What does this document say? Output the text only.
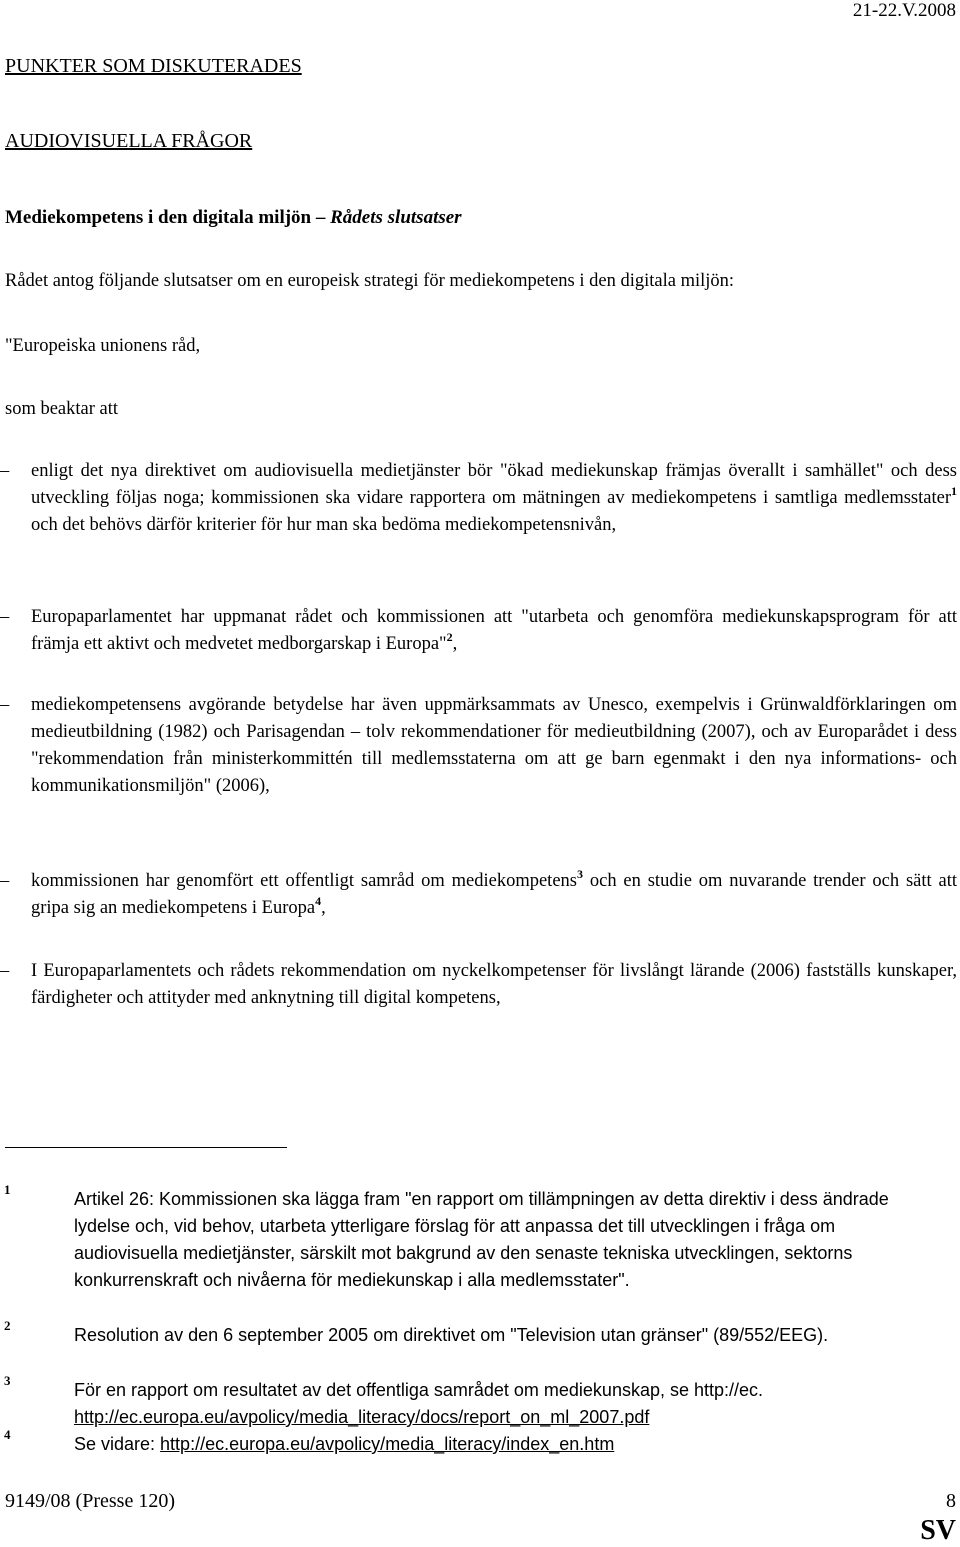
21-22.V.2008
PUNKTER SOM DISKUTERADES
AUDIOVISUELLA FRÅGOR
Mediekompetens i den digitala miljön – Rådets slutsatser
Rådet antog följande slutsatser om en europeisk strategi för mediekompetens i den digitala miljön:
"Europeiska unionens råd,
som beaktar att
–	enligt det nya direktivet om audiovisuella medietjänster bör "ökad mediekunskap främjas överallt i samhället" och dess utveckling följas noga; kommissionen ska vidare rapportera om mätningen av mediekompetens i samtliga medlemsstater$^1$ och det behövs därför kriterier för hur man ska bedöma mediekompetensnivån,
–	Europaparlamentet har uppmanat rådet och kommissionen att "utarbeta och genomföra mediekunskapsprogram för att främja ett aktivt och medvetet medborgarskap i Europa"$^2$,
–	mediekompetensens avgörande betydelse har även uppmärksammats av Unesco, exempelvis i Grünwaldförklaringen om medieutbildning (1982) och Parisagendan – tolv rekommendationer för medieutbildning (2007), och av Europarådet i dess "rekommendation från ministerkommittén till medlemsstaterna om att ge barn egenmakt i den nya informations- och kommunikationsmiljön" (2006),
–	kommissionen har genomfört ett offentligt samråd om mediekompetens$^3$ och en studie om nuvarande trender och sätt att gripa sig an mediekompetens i Europa$^4$,
–	I Europaparlamentets och rådets rekommendation om nyckelkompetenser för livslångt lärande (2006) fastställs kunskaper, färdigheter och attityder med anknytning till digital kompetens,
1	Artikel 26: Kommissionen ska lägga fram "en rapport om tillämpningen av detta direktiv i dess ändrade lydelse och, vid behov, utarbeta ytterligare förslag för att anpassa det till utvecklingen i fråga om audiovisuella medietjänster, särskilt mot bakgrund av den senaste tekniska utvecklingen, sektorns konkurrenskraft och nivåerna för mediekunskap i alla medlemsstater".
2	Resolution av den 6 september 2005 om direktivet om "Television utan gränser" (89/552/EEG).
3	För en rapport om resultatet av det offentliga samrådet om mediekunskap, se http://ec.
http://ec.europa.eu/avpolicy/media_literacy/docs/report_on_ml_2007.pdf
4	Se vidare: http://ec.europa.eu/avpolicy/media_literacy/index_en.htm
9149/08 (Presse 120)	8
SV
